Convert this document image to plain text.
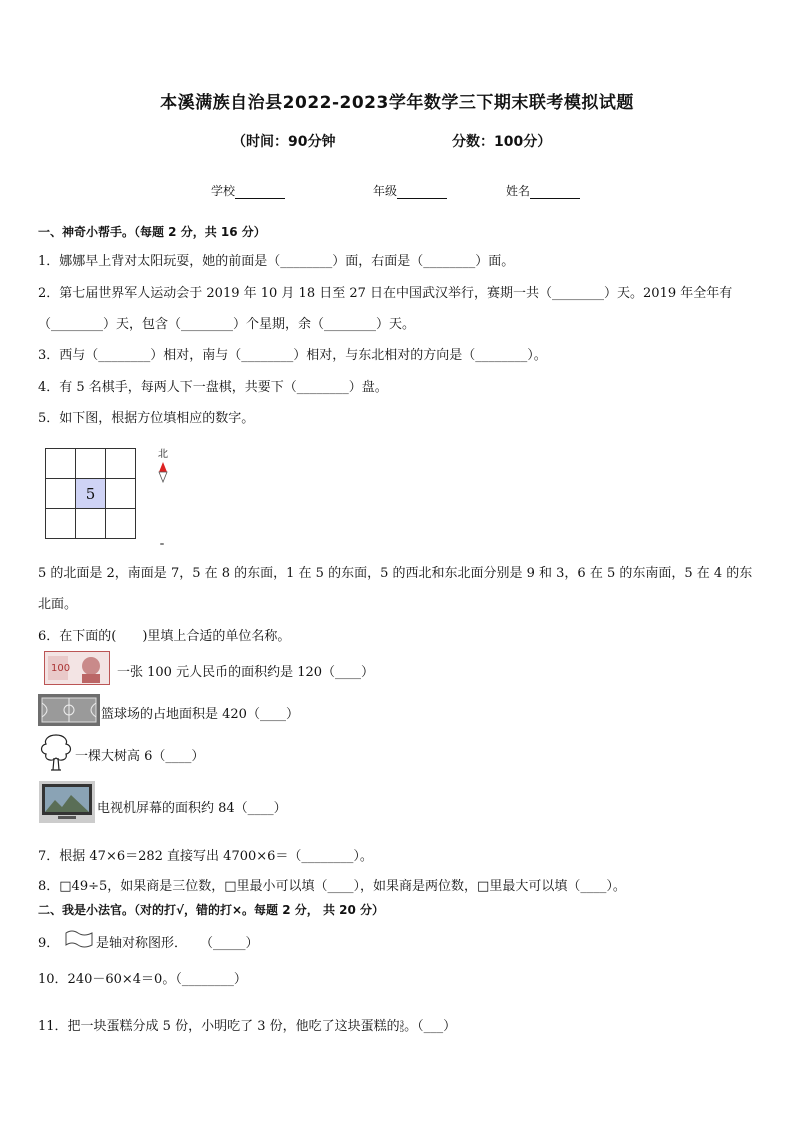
本溪满族自治县2022-2023学年数学三下期末联考模拟试题
（时间：90分钟	分数：100分）
学校	年级	姓名
一、神奇小帮手。（每题 2 分，共 16 分）
1．娜娜早上背对太阳玩耍，她的前面是（________）面，右面是（________）面。
2．第七届世界军人运动会于 2019 年 10 月 18 日至 27 日在中国武汉举行，赛期一共（________）天。2019 年全年有
（________）天，包含（________）个星期，余（________）天。
3．西与（________）相对，南与（________）相对，与东北相对的方向是（________）。
4．有 5 名棋手，每两人下一盘棋，共要下（________）盘。
5．如下图，根据方位填相应的数字。

	5	

北
5 的北面是 2，南面是 7，5 在 8 的东面，1 在 5 的东面，5 的西北和东北面分别是 9 和 3，6 在 5 的东南面，5 在 4 的东
北面。
6．在下面的(　　)里填上合适的单位名称。
100	一张 100 元人民币的面积约是 120（____）
篮球场的占地面积是 420（____）
一棵大树高 6（____）
电视机屏幕的面积约 84（____）
7．根据 47×6＝282 直接写出 4700×6＝（________）。
8．□49÷5，如果商是三位数，□里最小可以填（____），如果商是两位数，□里最大可以填（____）。
二、我是小法官。（对的打√，错的打×。每题 2 分， 共 20 分）
9．	是轴对称图形．　　（_____）
10．240－60×4＝0。（________）
11．把一块蛋糕分成 5 份，小明吃了 3 份，他吃了这块蛋糕的3
5。（___）
